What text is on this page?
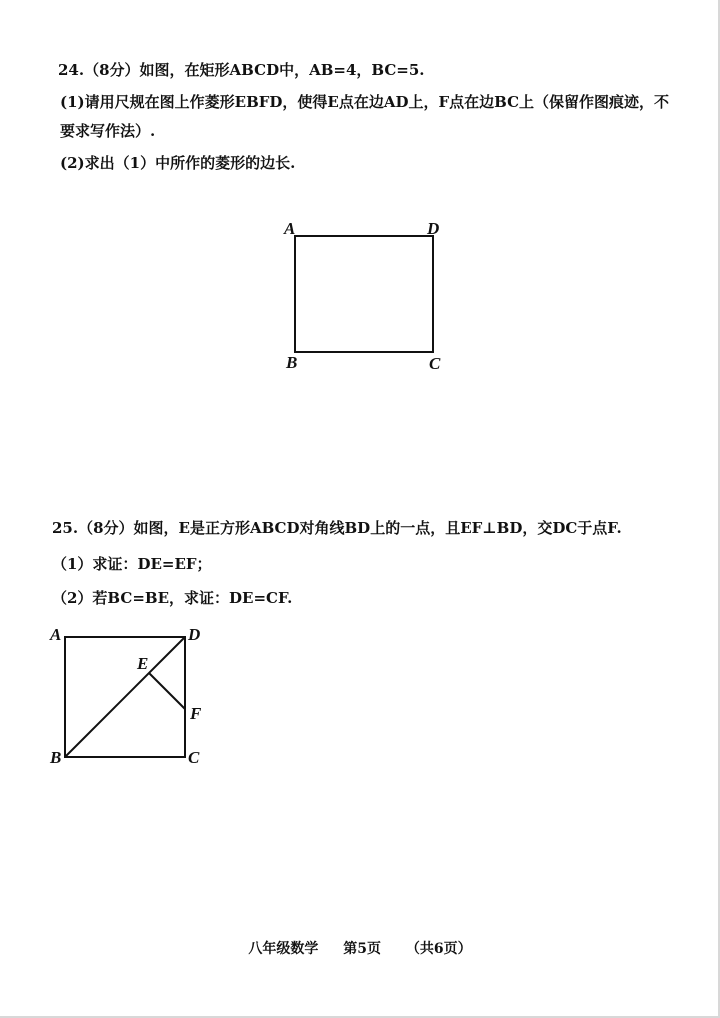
24.（8分）如图，在矩形ABCD中，AB=4，BC=5.
(1)请用尺规在图上作菱形EBFD，使得E点在边AD上，F点在边BC上（保留作图痕迹，不
要求写作法）.
(2)求出（1）中所作的菱形的边长.
A	D
B	C
25.（8分）如图，E是正方形ABCD对角线BD上的一点，且EF⊥BD，交DC于点F.
（1）求证：DE=EF；
（2）若BC=BE，求证：DE=CF.
A	D
E
F
B	C
八年级数学 第5页 （共6页）
